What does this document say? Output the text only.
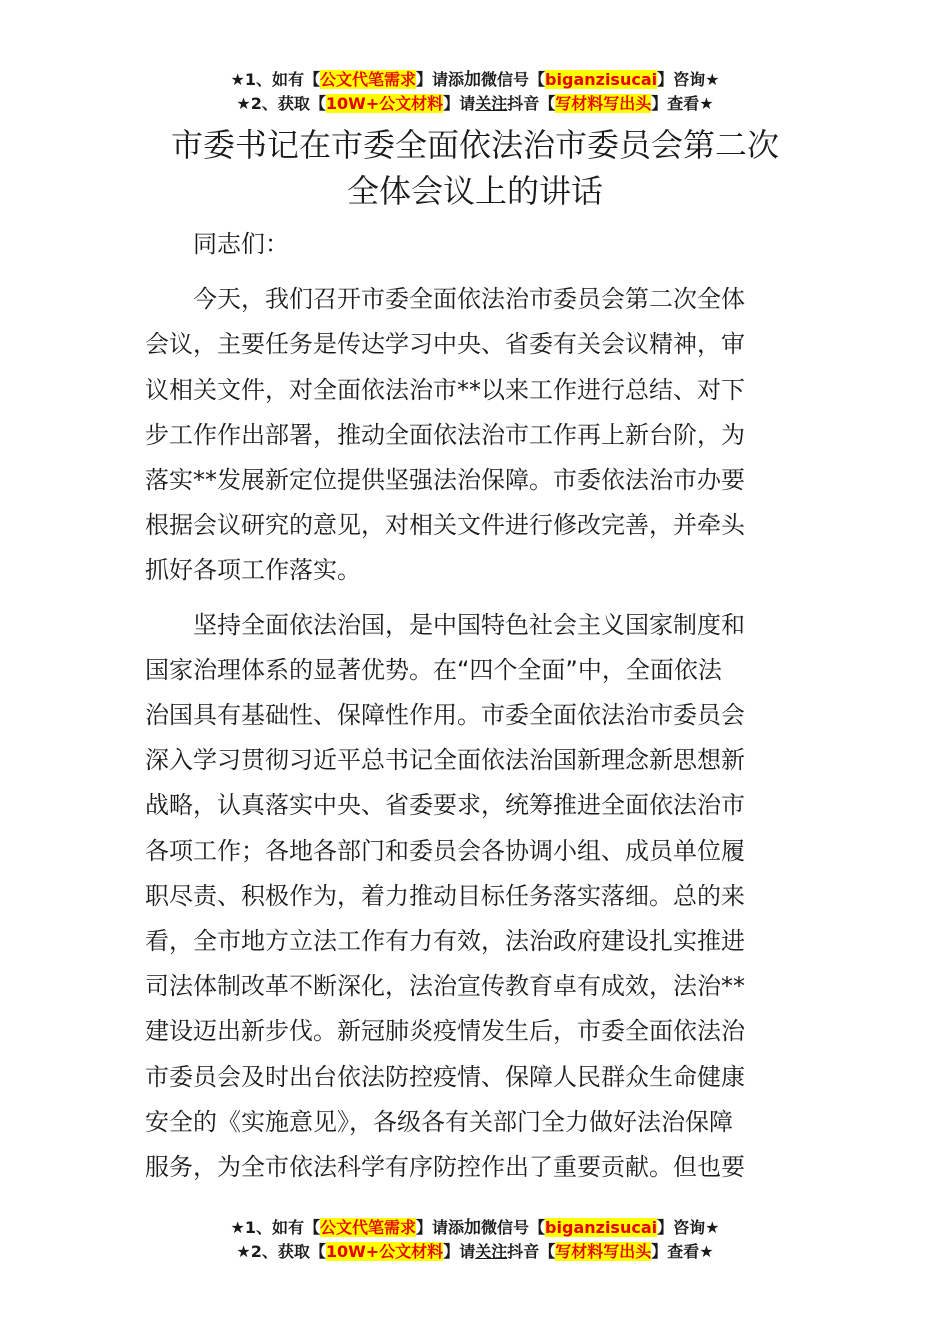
★1、如有【公文代笔需求】请添加微信号【biganzisucai】咨询★
★2、获取【10W+公文材料】请关注抖音【写材料写出头】查看★
市委书记在市委全面依法治市委员会第二次
全体会议上的讲话

同志们：

今天，我们召开市委全面依法治市委员会第二次全体
会议，主要任务是传达学习中央、省委有关会议精神，审
议相关文件，对全面依法治市**以来工作进行总结、对下
步工作作出部署，推动全面依法治市工作再上新台阶，为
落实**发展新定位提供坚强法治保障。市委依法治市办要
根据会议研究的意见，对相关文件进行修改完善，并牵头
抓好各项工作落实。

坚持全面依法治国，是中国特色社会主义国家制度和
国家治理体系的显著优势。在“四个全面”中，全面依法
治国具有基础性、保障性作用。市委全面依法治市委员会
深入学习贯彻习近平总书记全面依法治国新理念新思想新
战略，认真落实中央、省委要求，统筹推进全面依法治市
各项工作；各地各部门和委员会各协调小组、成员单位履
职尽责、积极作为，着力推动目标任务落实落细。总的来
看，全市地方立法工作有力有效，法治政府建设扎实推进
司法体制改革不断深化，法治宣传教育卓有成效，法治**
建设迈出新步伐。新冠肺炎疫情发生后，市委全面依法治
市委员会及时出台依法防控疫情、保障人民群众生命健康
安全的《实施意见》，各级各有关部门全力做好法治保障
服务，为全市依法科学有序防控作出了重要贡献。但也要

★1、如有【公文代笔需求】请添加微信号【biganzisucai】咨询★
★2、获取【10W+公文材料】请关注抖音【写材料写出头】查看★
